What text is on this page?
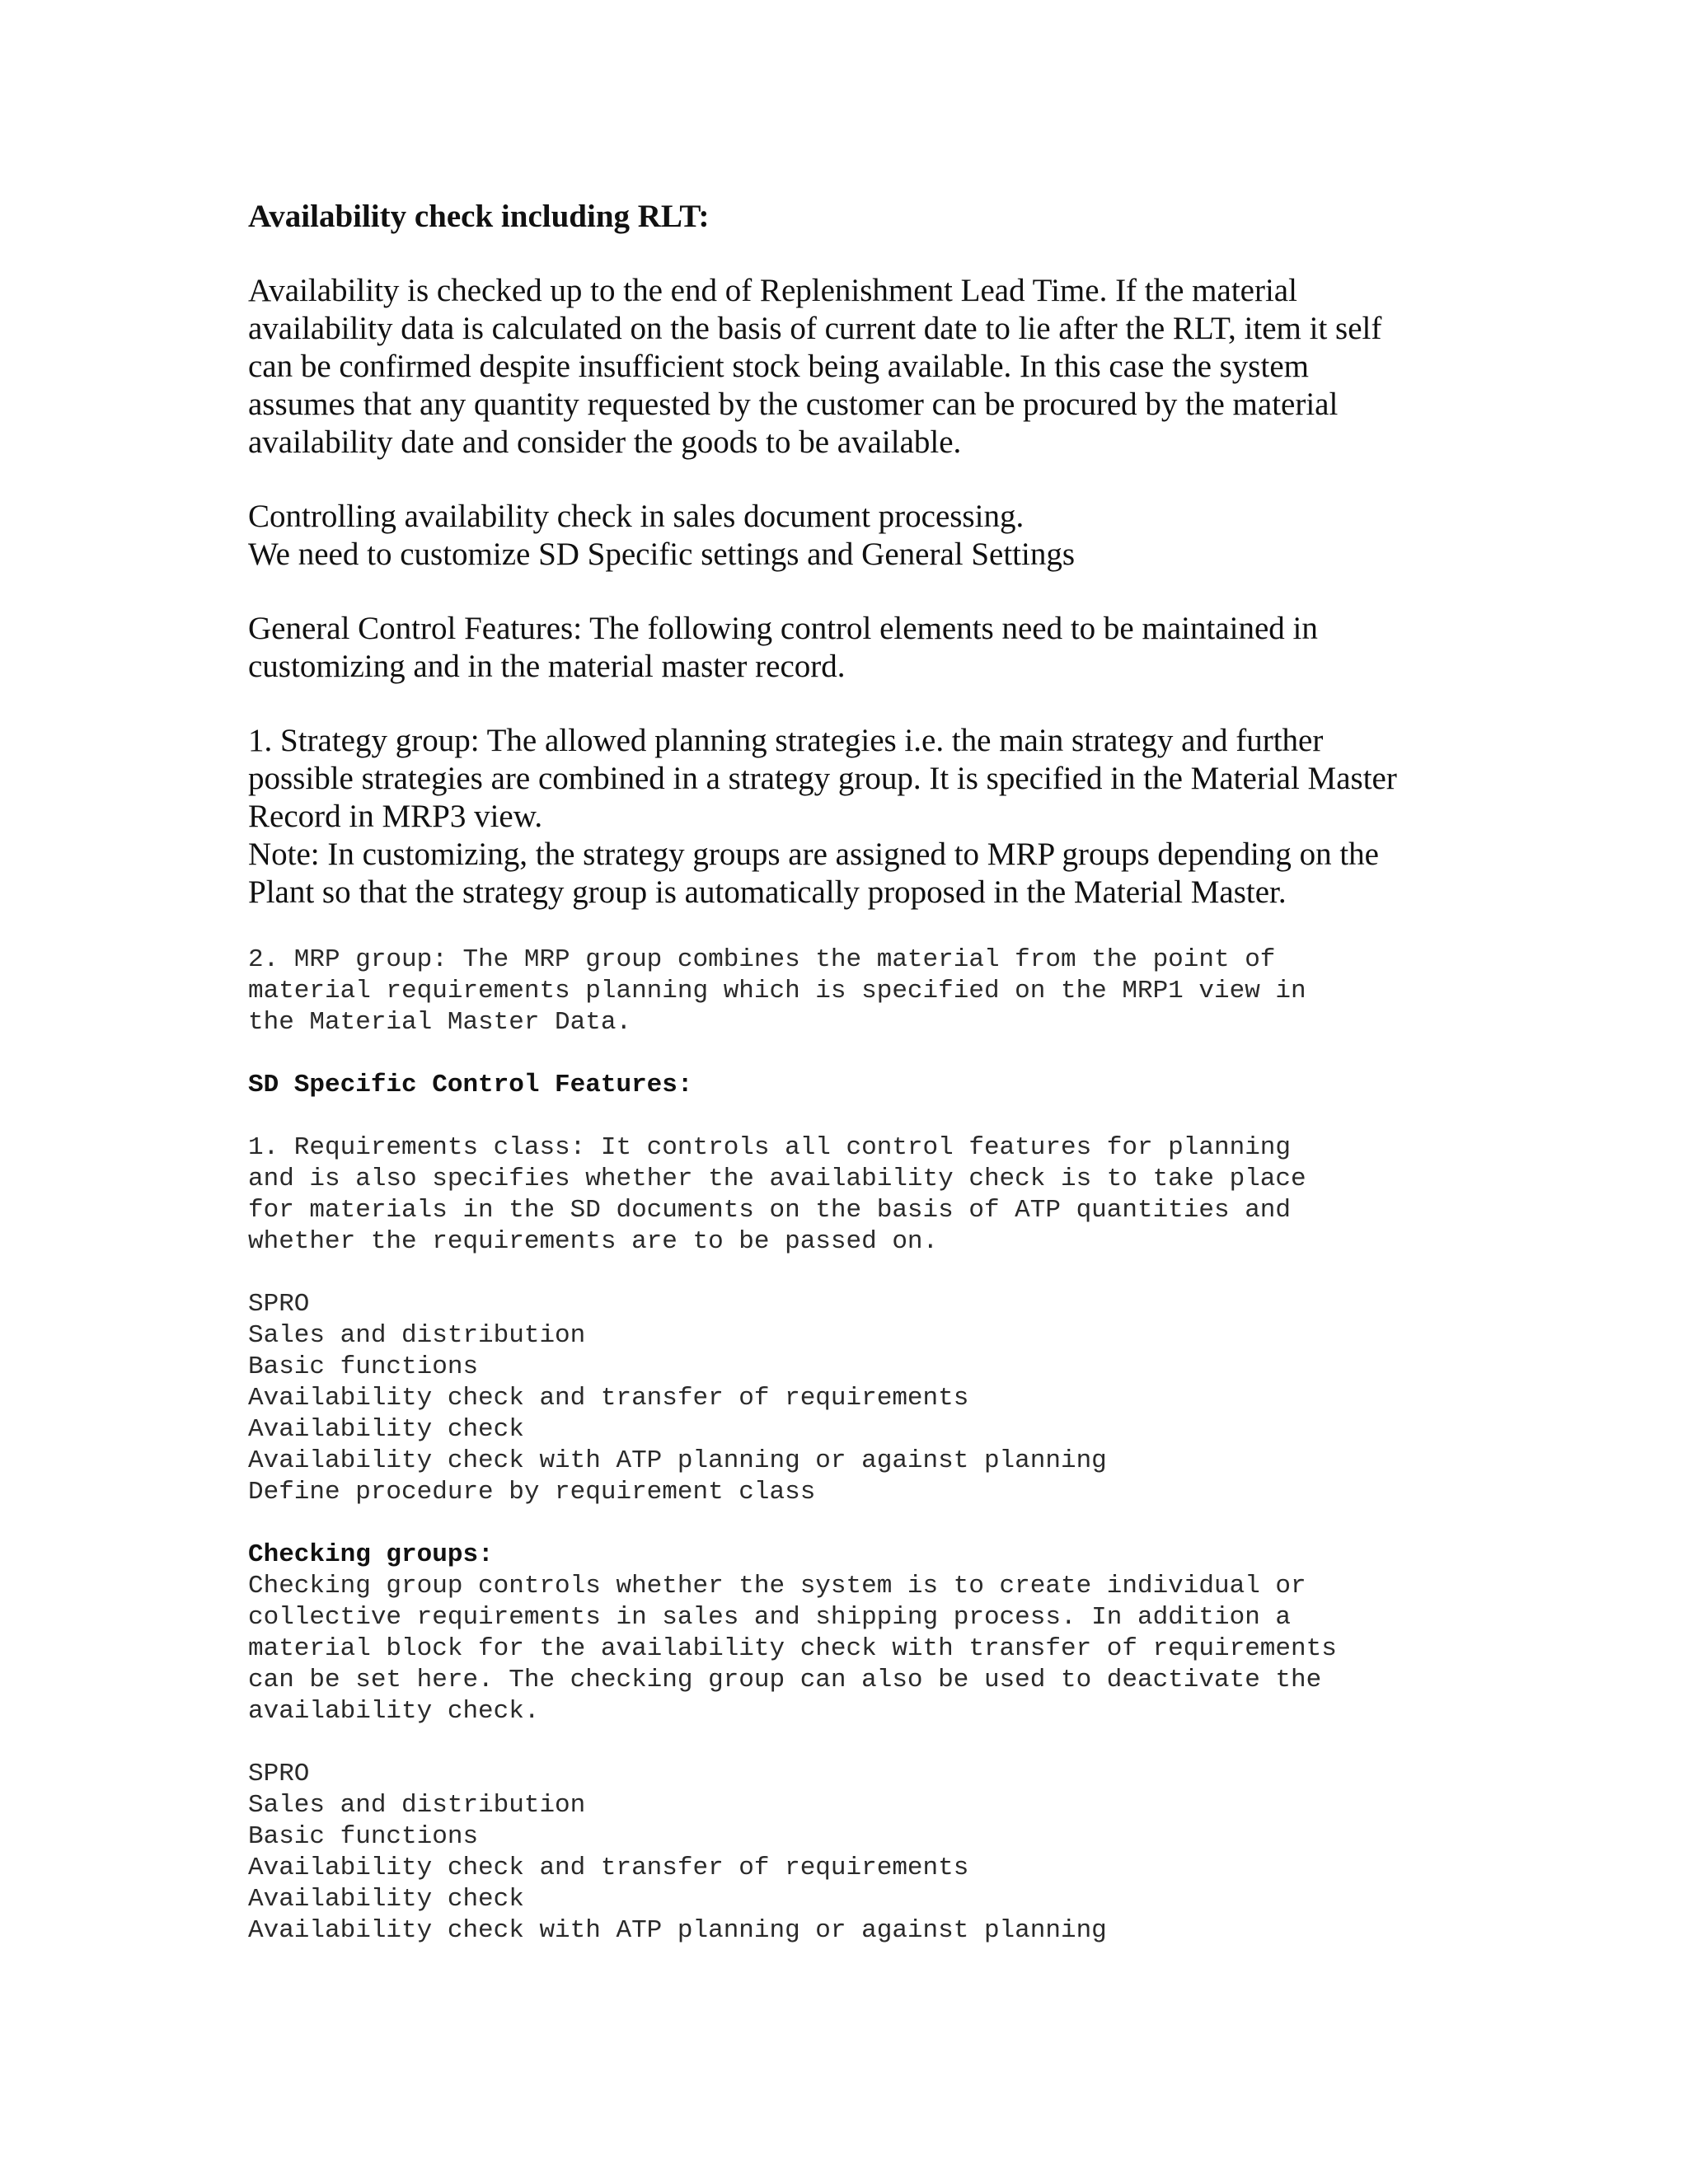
Availability check including RLT:
Availability is checked up to the end of Replenishment Lead Time. If the material
availability data is calculated on the basis of current date to lie after the RLT, item it self
can be confirmed despite insufficient stock being available. In this case the system
assumes that any quantity requested by the customer can be procured by the material
availability date and consider the goods to be available.
Controlling availability check in sales document processing.
We need to customize SD Specific settings and General Settings
General Control Features: The following control elements need to be maintained in
customizing and in the material master record.
1. Strategy group: The allowed planning strategies i.e. the main strategy and further
possible strategies are combined in a strategy group. It is specified in the Material Master
Record in MRP3 view.
Note: In customizing, the strategy groups are assigned to MRP groups depending on the
Plant so that the strategy group is automatically proposed in the Material Master.
2. MRP group: The MRP group combines the material from the point of
material requirements planning which is specified on the MRP1 view in
the Material Master Data.
SD Specific Control Features:
1. Requirements class: It controls all control features for planning
and is also specifies whether the availability check is to take place
for materials in the SD documents on the basis of ATP quantities and
whether the requirements are to be passed on.
SPRO
Sales and distribution
Basic functions
Availability check and transfer of requirements
Availability check
Availability check with ATP planning or against planning
Define procedure by requirement class
Checking groups:
Checking group controls whether the system is to create individual or
collective requirements in sales and shipping process. In addition a
material block for the availability check with transfer of requirements
can be set here. The checking group can also be used to deactivate the
availability check.
SPRO
Sales and distribution
Basic functions
Availability check and transfer of requirements
Availability check
Availability check with ATP planning or against planning
